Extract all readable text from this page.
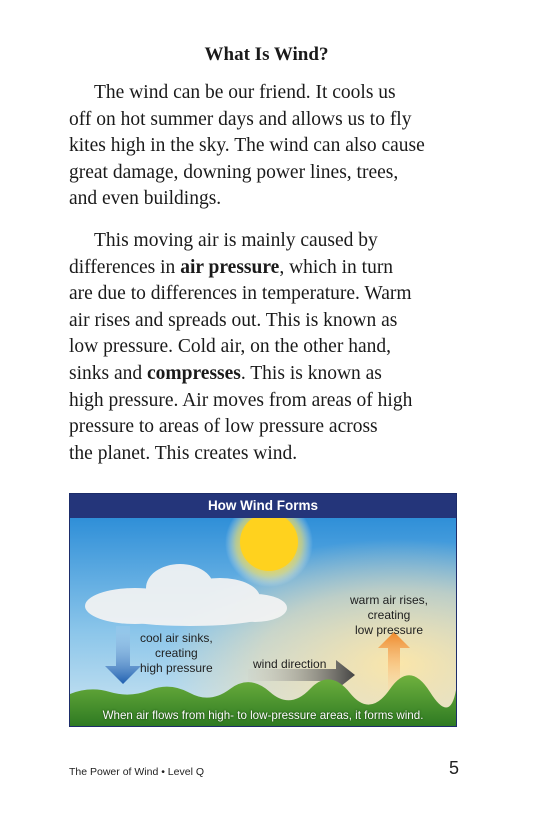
What Is Wind?

The wind can be our friend. It cools us
off on hot summer days and allows us to fly
kites high in the sky. The wind can also cause
great damage, downing power lines, trees,
and even buildings.

This moving air is mainly caused by
differences in air pressure, which in turn
are due to differences in temperature. Warm
air rises and spreads out. This is known as
low pressure. Cold air, on the other hand,
sinks and compresses. This is known as
high pressure. Air moves from areas of high
pressure to areas of low pressure across
the planet. This creates wind.

How Wind Forms
cool air sinks,
creating
high pressure
warm air rises,
creating
low pressure
wind direction
When air flows from high- to low-pressure areas, it forms wind.
The Power of Wind • Level Q	5
